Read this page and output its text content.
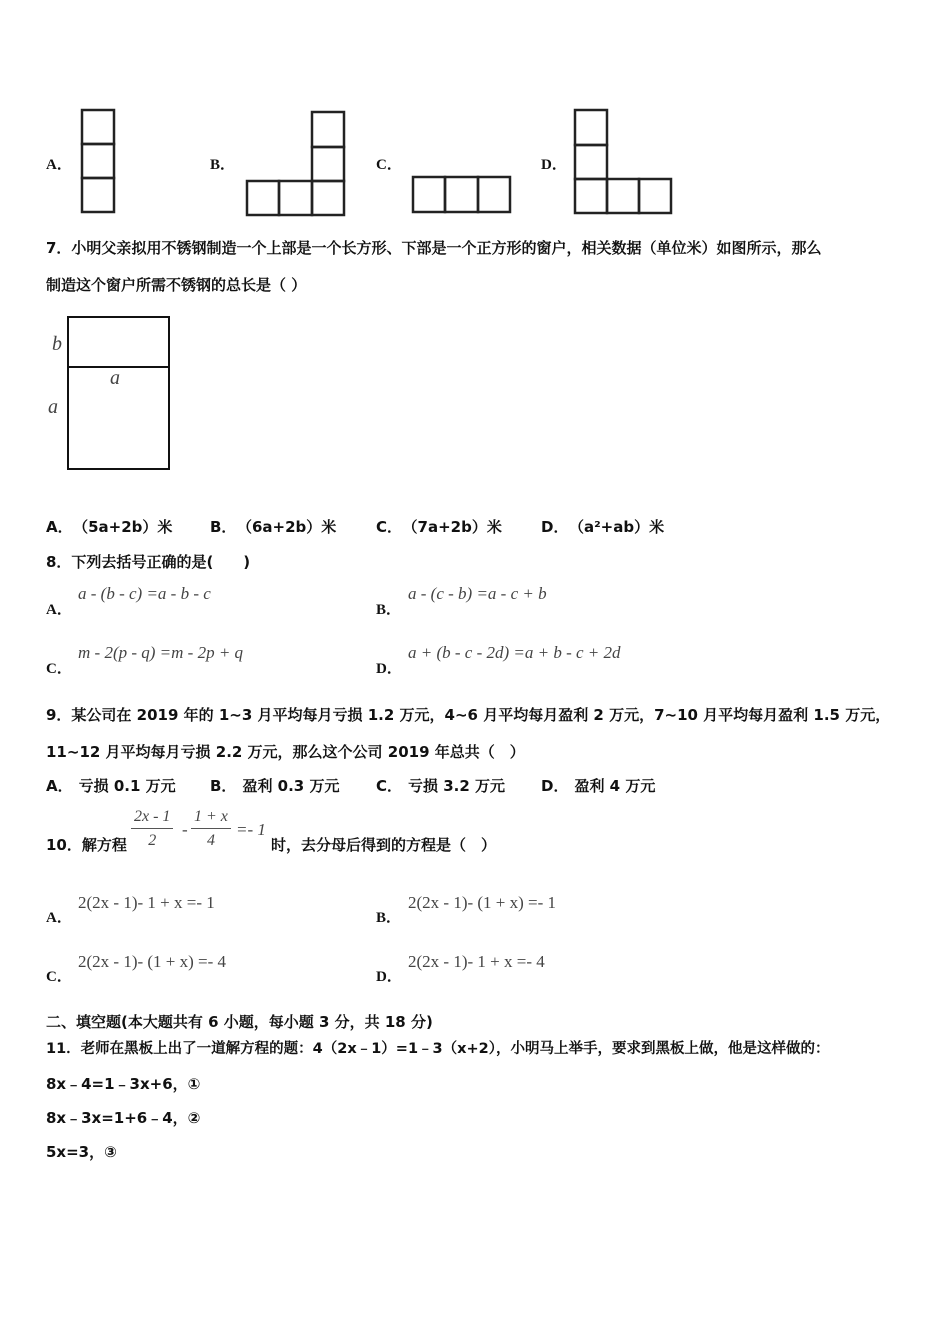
A．	B．	C．	D．
7．小明父亲拟用不锈钢制造一个上部是一个长方形、下部是一个正方形的窗户，相关数据（单位米）如图所示，那么
制造这个窗户所需不锈钢的总长是（ ）
b
a
a
A． （5a+2b）米	B． （6a+2b）米	C． （7a+2b）米	D． （a²+ab）米
8．下列去括号正确的是(　　)
A．
a - (b - c) =a - b - c
B．
a - (c - b) =a - c + b
C．
m - 2(p - q) =m - 2p + q
D．
a + (b - c - 2d) =a + b - c + 2d
9．某公司在 2019 年的 1∼3 月平均每月亏损 1.2 万元，4∼6 月平均每月盈利 2 万元，7∼10 月平均每月盈利 1.5 万元，
11∼12 月平均每月亏损 2.2 万元，那么这个公司 2019 年总共（　）
A． 亏损 0.1 万元 B． 盈利 0.3 万元 C． 亏损 3.2 万元 D． 盈利 4 万元
10．解方程 $\frac{2x - 1}{2} - \frac{1 + x}{4} =- 1$
时，去分母后得到的方程是（　）
A．
2(2x - 1)- 1 + x =- 1
B．
2(2x - 1)- (1 + x) =- 1
C．
2(2x - 1)- (1 + x) =- 4
D．
2(2x - 1)- 1 + x =- 4
二、填空题(本大题共有 6 小题，每小题 3 分，共 18 分)
11．老师在黑板上出了一道解方程的题：4（2x﹣1）=1﹣3（x+2），小明马上举手，要求到黑板上做，他是这样做的：
8x﹣4=1﹣3x+6，①
8x﹣3x=1+6﹣4，②
5x=3，③
